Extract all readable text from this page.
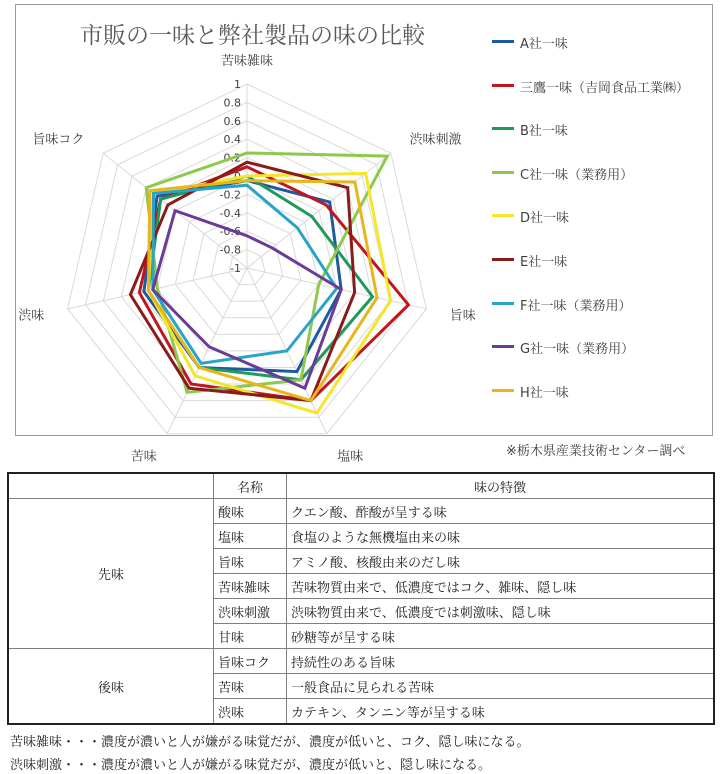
市販の一味と弊社製品の味の比較
1
0.8
0.6
0.4
0.2
0
-0.2
-0.4
-0.6
-0.8
-1
苦味雑味
渋味刺激
旨味
塩味
苦味
渋味
旨味コク
A社一味
三鷹一味（吉岡食品工業㈱）
B社一味
C社一味（業務用）
D社一味
E社一味
F社一味（業務用）
G社一味（業務用）
H社一味
※栃木県産業技術センター調べ
	名称	味の特徴
先味	酸味	クエン酸、酢酸が呈する味
	塩味	食塩のような無機塩由来の味
	旨味	アミノ酸、核酸由来のだし味
	苦味雑味	苦味物質由来で、低濃度ではコク、雑味、隠し味
	渋味刺激	渋味物質由来で、低濃度では刺激味、隠し味
	甘味	砂糖等が呈する味
後味	旨味コク	持続性のある旨味
	苦味	一般食品に見られる苦味
	渋味	カテキン、タンニン等が呈する味
苦味雑味・・・濃度が濃いと人が嫌がる味覚だが、濃度が低いと、コク、隠し味になる。
渋味刺激・・・濃度が濃いと人が嫌がる味覚だが、濃度が低いと、隠し味になる。
